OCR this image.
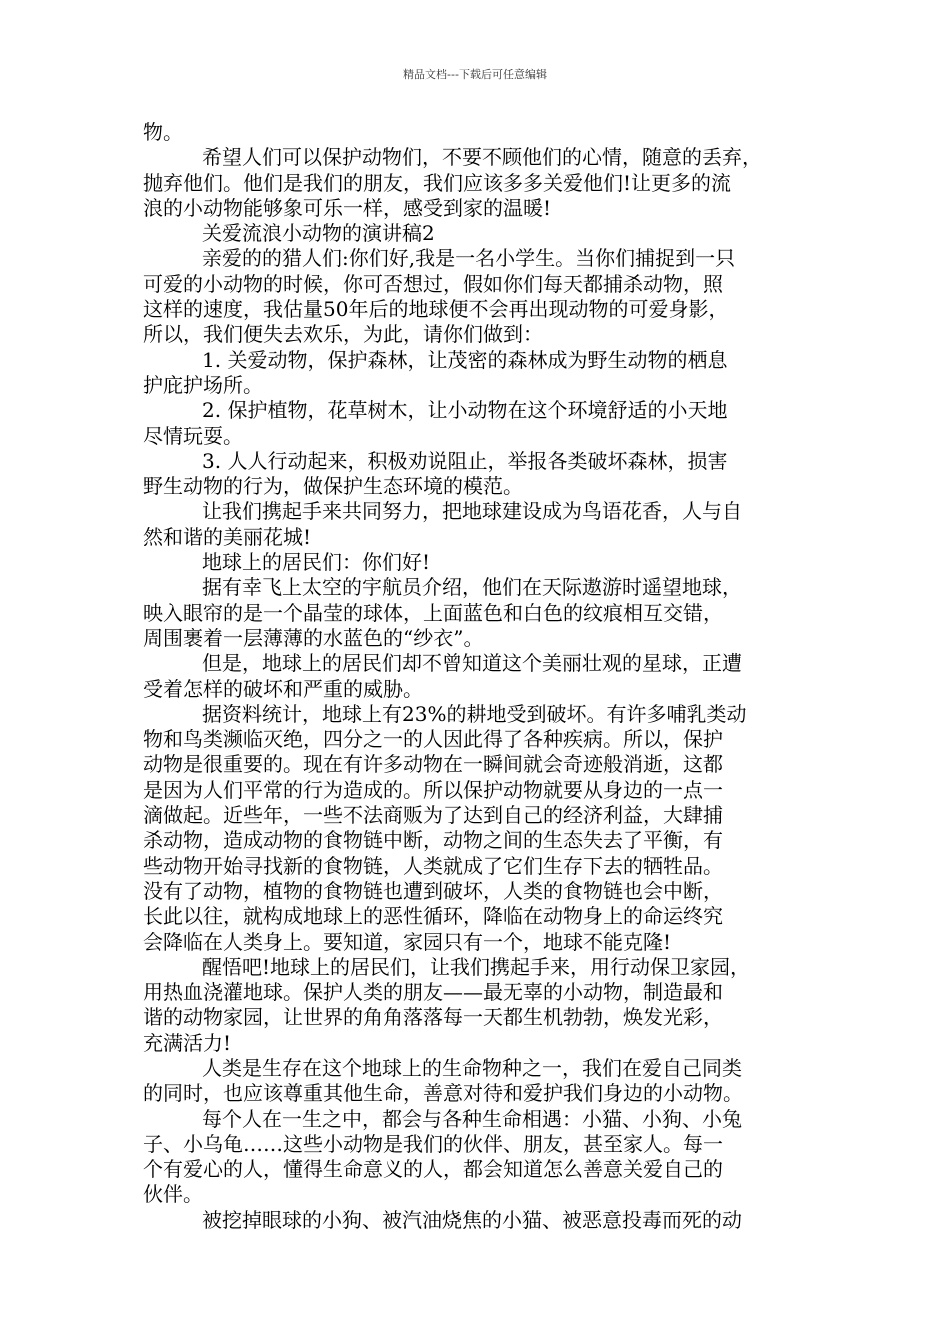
精品文档---下载后可任意编辑
物。
希望人们可以保护动物们，不要不顾他们的心情，随意的丢弃，
抛弃他们。他们是我们的朋友，我们应该多多关爱他们!让更多的流
浪的小动物能够象可乐一样，感受到家的温暖!
关爱流浪小动物的演讲稿2
亲爱的的猎人们:你们好,我是一名小学生。当你们捕捉到一只
可爱的小动物的时候，你可否想过，假如你们每天都捕杀动物，照
这样的速度，我估量50年后的地球便不会再出现动物的可爱身影，
所以，我们便失去欢乐，为此，请你们做到：
1. 关爱动物，保护森林，让茂密的森林成为野生动物的栖息
护庇护场所。
2. 保护植物，花草树木，让小动物在这个环境舒适的小天地
尽情玩耍。
3. 人人行动起来，积极劝说阻止，举报各类破坏森林，损害
野生动物的行为，做保护生态环境的模范。
让我们携起手来共同努力，把地球建设成为鸟语花香，人与自
然和谐的美丽花城!
地球上的居民们：你们好!
据有幸飞上太空的宇航员介绍，他们在天际遨游时遥望地球，
映入眼帘的是一个晶莹的球体，上面蓝色和白色的纹痕相互交错，
周围裹着一层薄薄的水蓝色的“纱衣”。
但是，地球上的居民们却不曾知道这个美丽壮观的星球，正遭
受着怎样的破坏和严重的威胁。
据资料统计，地球上有23%的耕地受到破坏。有许多哺乳类动
物和鸟类濒临灭绝，四分之一的人因此得了各种疾病。所以，保护
动物是很重要的。现在有许多动物在一瞬间就会奇迹般消逝，这都
是因为人们平常的行为造成的。所以保护动物就要从身边的一点一
滴做起。近些年，一些不法商贩为了达到自己的经济利益，大肆捕
杀动物，造成动物的食物链中断，动物之间的生态失去了平衡，有
些动物开始寻找新的食物链，人类就成了它们生存下去的牺牲品。
没有了动物，植物的食物链也遭到破坏，人类的食物链也会中断，
长此以往，就构成地球上的恶性循环，降临在动物身上的命运终究
会降临在人类身上。要知道，家园只有一个，地球不能克隆!
醒悟吧!地球上的居民们，让我们携起手来，用行动保卫家园，
用热血浇灌地球。保护人类的朋友——最无辜的小动物，制造最和
谐的动物家园，让世界的角角落落每一天都生机勃勃，焕发光彩，
充满活力!
人类是生存在这个地球上的生命物种之一，我们在爱自己同类
的同时，也应该尊重其他生命，善意对待和爱护我们身边的小动物。
每个人在一生之中，都会与各种生命相遇：小猫、小狗、小兔
子、小乌龟……这些小动物是我们的伙伴、朋友，甚至家人。每一
个有爱心的人，懂得生命意义的人，都会知道怎么善意关爱自己的
伙伴。
被挖掉眼球的小狗、被汽油烧焦的小猫、被恶意投毒而死的动
